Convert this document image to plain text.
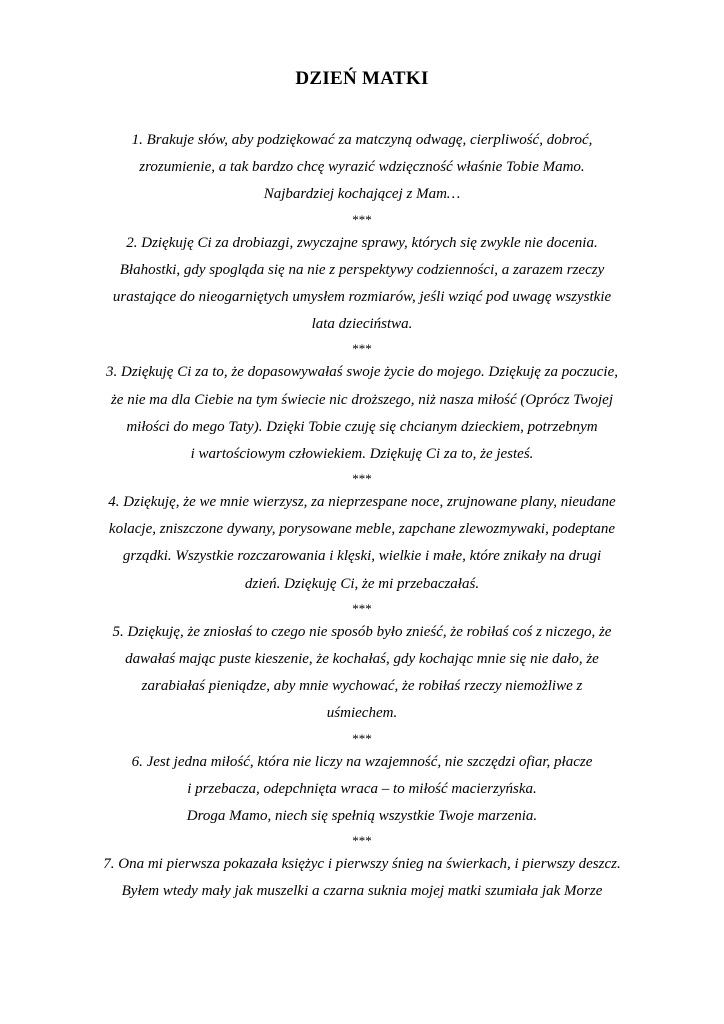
DZIEŃ MATKI
1. Brakuje słów, aby podziękować za matczyną odwagę, cierpliwość, dobroć,
zrozumienie, a tak bardzo chcę wyrazić wdzięczność właśnie Tobie Mamo.
Najbardziej kochającej z Mam…
***
2. Dziękuję Ci za drobiazgi, zwyczajne sprawy, których się zwykle nie docenia.
Błahostki, gdy spogląda się na nie z perspektywy codzienności, a zarazem rzeczy
urastające do nieogarniętych umysłem rozmiarów, jeśli wziąć pod uwagę wszystkie
lata dzieciństwa.
***
3. Dziękuję Ci za to, że dopasowywałaś swoje życie do mojego. Dziękuję za poczucie,
że nie ma dla Ciebie na tym świecie nic droższego, niż nasza miłość (Oprócz Twojej
miłości do mego Taty). Dzięki Tobie czuję się chcianym dzieckiem, potrzebnym
i wartościowym człowiekiem. Dziękuję Ci za to, że jesteś.
***
4. Dziękuję, że we mnie wierzysz, za nieprzespane noce, zrujnowane plany, nieudane
kolacje, zniszczone dywany, porysowane meble, zapchane zlewozmywaki, podeptane
grządki. Wszystkie rozczarowania i klęski, wielkie i małe, które znikały na drugi
dzień. Dziękuję Ci, że mi przebaczałaś.
***
5. Dziękuję, że zniosłaś to czego nie sposób było znieść, że robiłaś coś z niczego, że
dawałaś mając puste kieszenie, że kochałaś, gdy kochając mnie się nie dało, że
zarabiałaś pieniądze, aby mnie wychować, że robiłaś rzeczy niemożliwe z
uśmiechem.
***
6. Jest jedna miłość, która nie liczy na wzajemność, nie szczędzi ofiar, płacze
i przebacza, odepchnięta wraca – to miłość macierzyńska.
Droga Mamo, niech się spełnią wszystkie Twoje marzenia.
***
7. Ona mi pierwsza pokazała księżyc i pierwszy śnieg na świerkach, i pierwszy deszcz.
Byłem wtedy mały jak muszelki a czarna suknia mojej matki szumiała jak Morze
